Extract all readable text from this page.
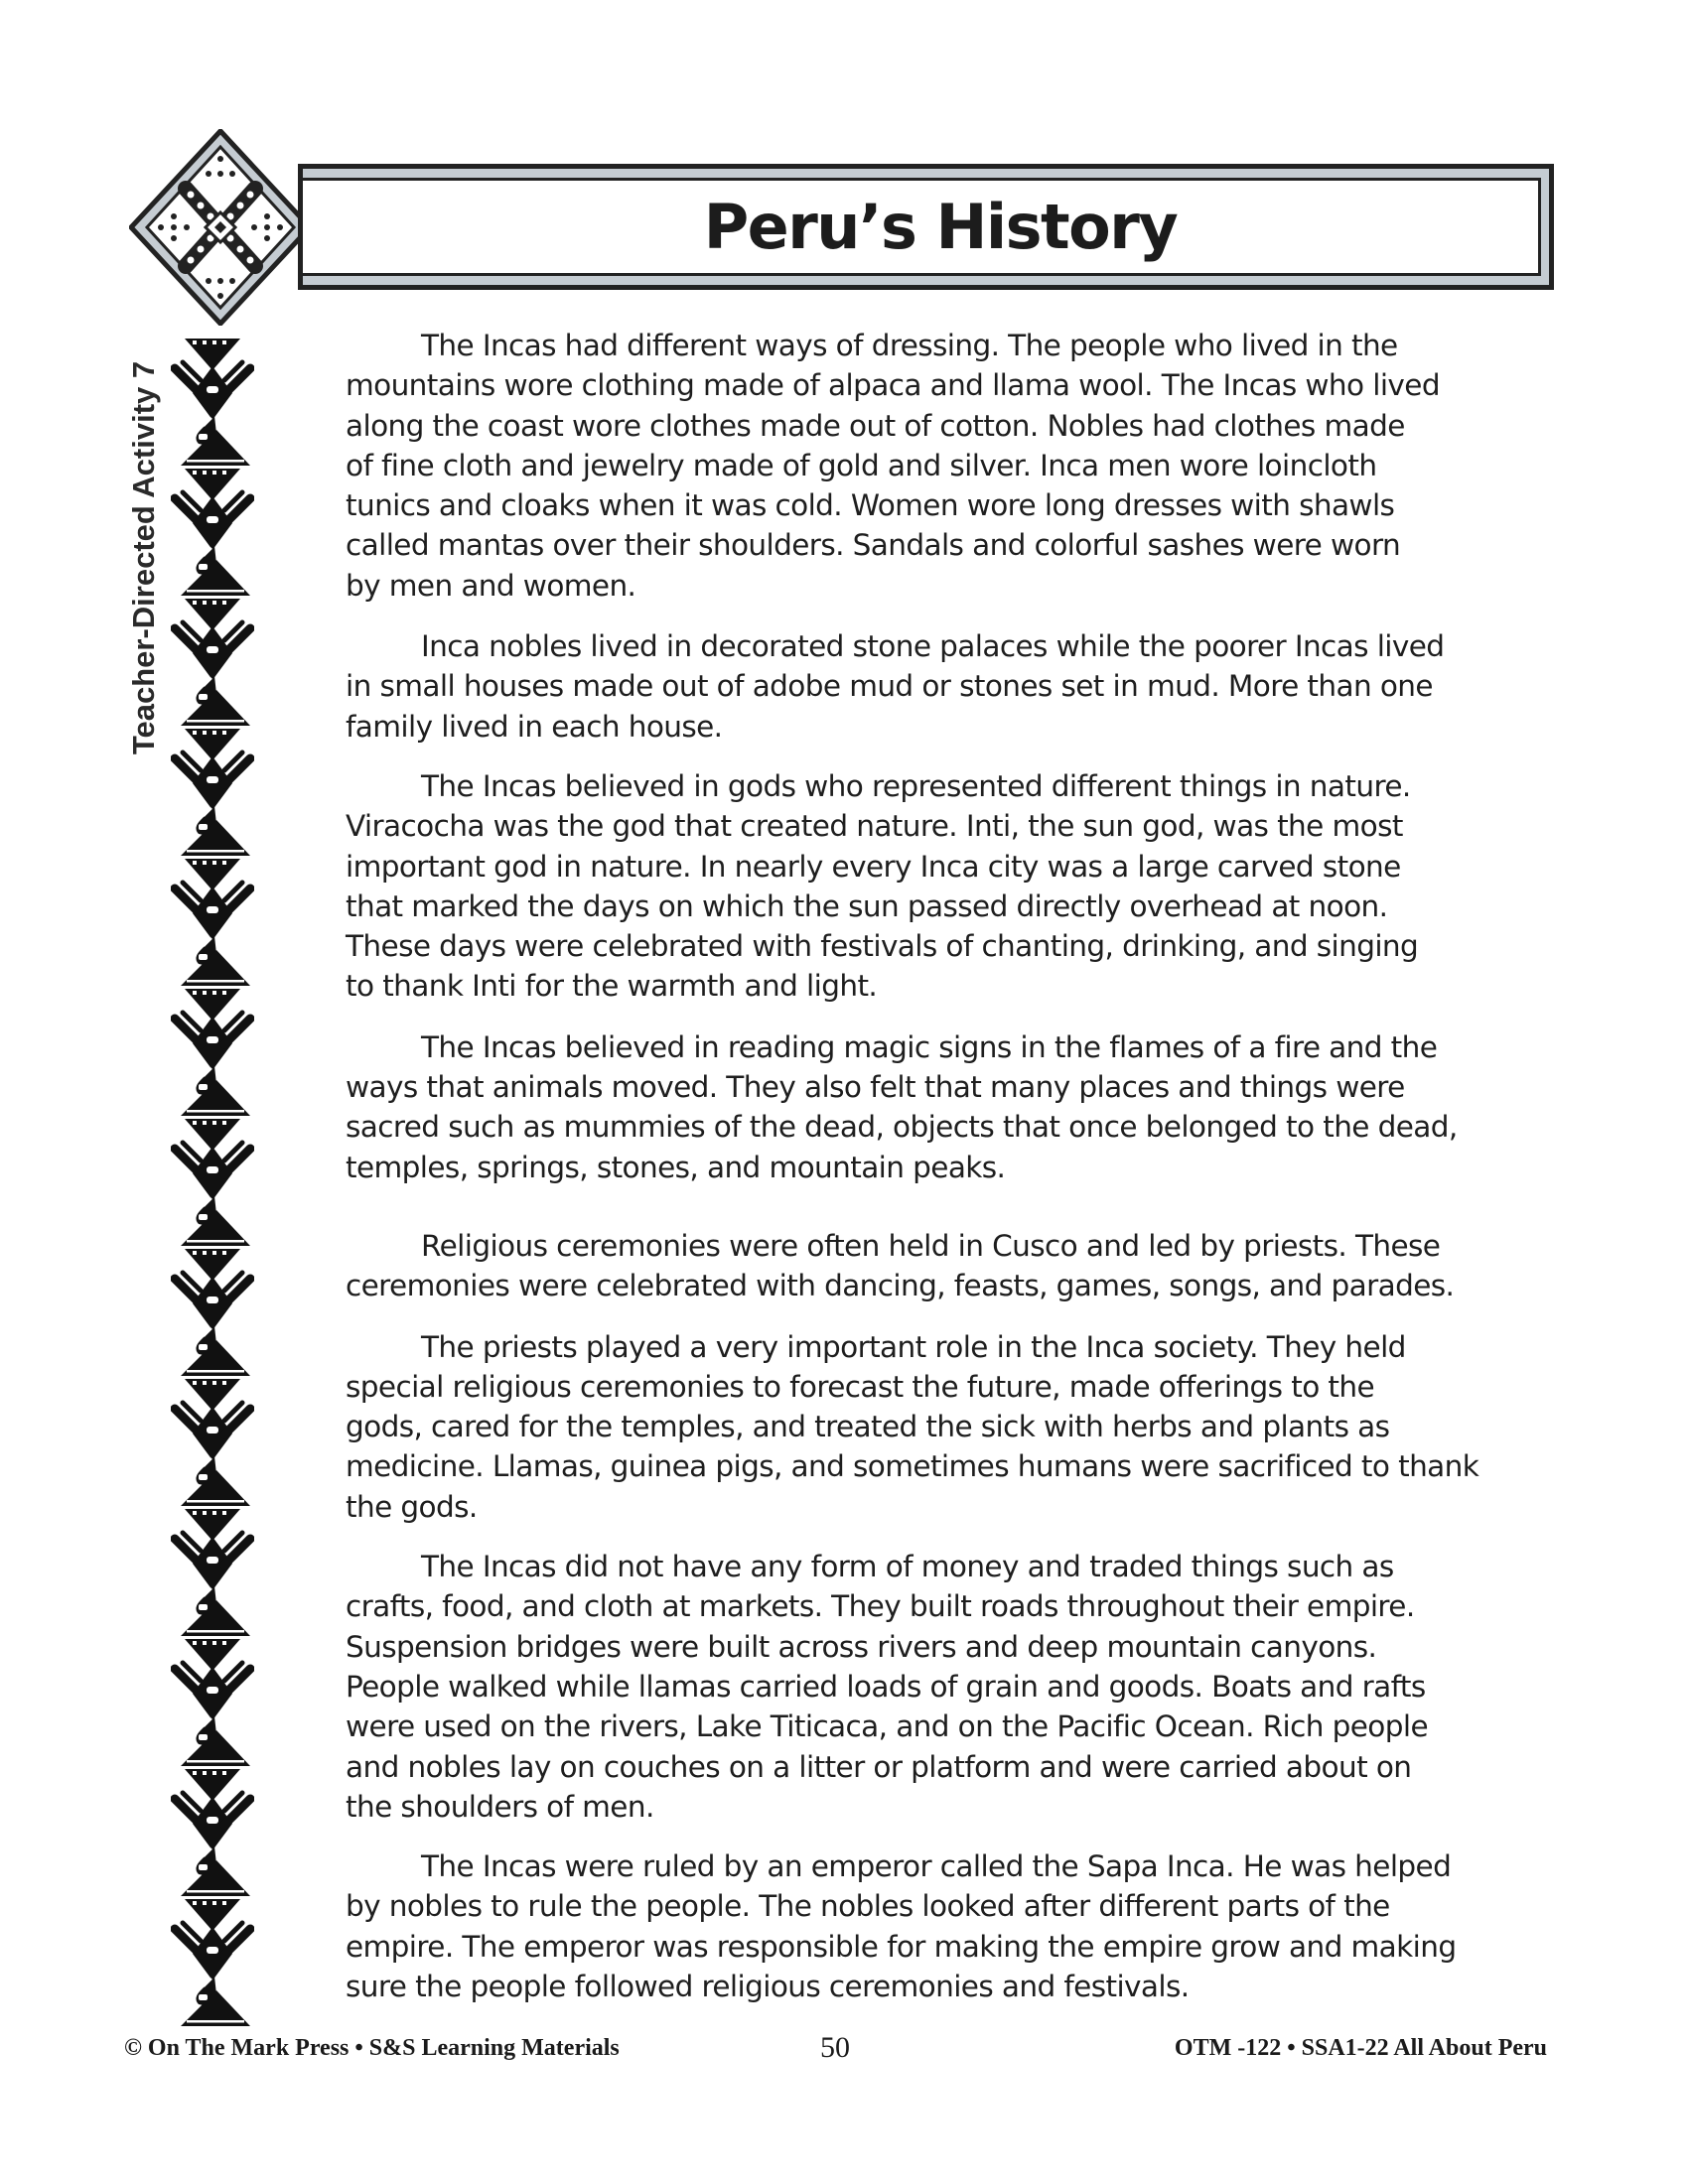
Peru’s History
Teacher-Directed Activity 7

The Incas had different ways of dressing. The people who lived in the
mountains wore clothing made of alpaca and llama wool. The Incas who lived
along the coast wore clothes made out of cotton. Nobles had clothes made
of fine cloth and jewelry made of gold and silver. Inca men wore loincloth
tunics and cloaks when it was cold. Women wore long dresses with shawls
called mantas over their shoulders. Sandals and colorful sashes were worn
by men and women.

Inca nobles lived in decorated stone palaces while the poorer Incas lived
in small houses made out of adobe mud or stones set in mud. More than one
family lived in each house.

The Incas believed in gods who represented different things in nature.
Viracocha was the god that created nature. Inti, the sun god, was the most
important god in nature. In nearly every Inca city was a large carved stone
that marked the days on which the sun passed directly overhead at noon.
These days were celebrated with festivals of chanting, drinking, and singing
to thank Inti for the warmth and light.

The Incas believed in reading magic signs in the flames of a fire and the
ways that animals moved. They also felt that many places and things were
sacred such as mummies of the dead, objects that once belonged to the dead,
temples, springs, stones, and mountain peaks.

Religious ceremonies were often held in Cusco and led by priests. These
ceremonies were celebrated with dancing, feasts, games, songs, and parades.

The priests played a very important role in the Inca society. They held
special religious ceremonies to forecast the future, made offerings to the
gods, cared for the temples, and treated the sick with herbs and plants as
medicine. Llamas, guinea pigs, and sometimes humans were sacrificed to thank
the gods.

The Incas did not have any form of money and traded things such as
crafts, food, and cloth at markets. They built roads throughout their empire.
Suspension bridges were built across rivers and deep mountain canyons.
People walked while llamas carried loads of grain and goods. Boats and rafts
were used on the rivers, Lake Titicaca, and on the Pacific Ocean. Rich people
and nobles lay on couches on a litter or platform and were carried about on
the shoulders of men.

The Incas were ruled by an emperor called the Sapa Inca. He was helped
by nobles to rule the people. The nobles looked after different parts of the
empire. The emperor was responsible for making the empire grow and making
sure the people followed religious ceremonies and festivals.

© On The Mark Press • S&S Learning Materials	50	OTM -122 • SSA1-22 All About Peru
